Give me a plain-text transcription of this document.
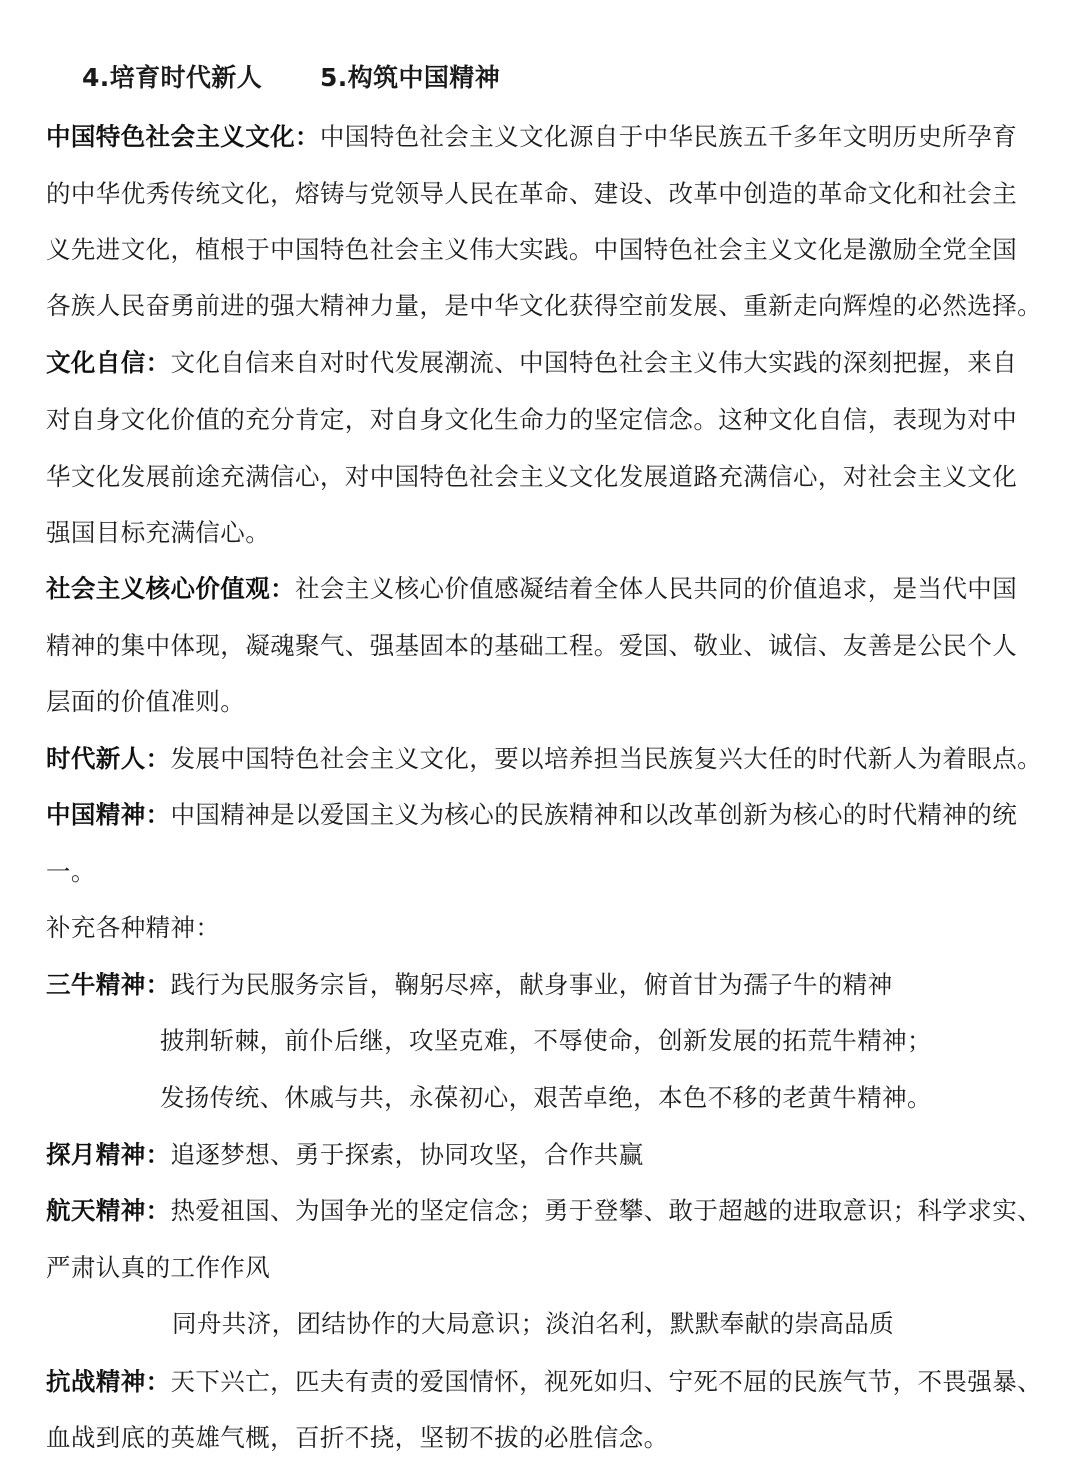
4.培育时代新人 5.构筑中国精神
中国特色社会主义文化：中国特色社会主义文化源自于中华民族五千多年文明历史所孕育
的中华优秀传统文化，熔铸与党领导人民在革命、建设、改革中创造的革命文化和社会主
义先进文化，植根于中国特色社会主义伟大实践。中国特色社会主义文化是激励全党全国
各族人民奋勇前进的强大精神力量，是中华文化获得空前发展、重新走向辉煌的必然选择。
文化自信：文化自信来自对时代发展潮流、中国特色社会主义伟大实践的深刻把握，来自
对自身文化价值的充分肯定，对自身文化生命力的坚定信念。这种文化自信，表现为对中
华文化发展前途充满信心，对中国特色社会主义文化发展道路充满信心，对社会主义文化
强国目标充满信心。
社会主义核心价值观：社会主义核心价值感凝结着全体人民共同的价值追求，是当代中国
精神的集中体现，凝魂聚气、强基固本的基础工程。爱国、敬业、诚信、友善是公民个人
层面的价值准则。
时代新人：发展中国特色社会主义文化，要以培养担当民族复兴大任的时代新人为着眼点。
中国精神：中国精神是以爱国主义为核心的民族精神和以改革创新为核心的时代精神的统
一。
补充各种精神：
三牛精神：践行为民服务宗旨，鞠躬尽瘁，献身事业，俯首甘为孺子牛的精神
披荆斩棘，前仆后继，攻坚克难，不辱使命，创新发展的拓荒牛精神；
发扬传统、休戚与共，永葆初心，艰苦卓绝，本色不移的老黄牛精神。
探月精神：追逐梦想、勇于探索，协同攻坚，合作共赢
航天精神：热爱祖国、为国争光的坚定信念；勇于登攀、敢于超越的进取意识；科学求实、
严肃认真的工作作风
同舟共济，团结协作的大局意识；淡泊名利，默默奉献的崇高品质
抗战精神：天下兴亡，匹夫有责的爱国情怀，视死如归、宁死不屈的民族气节，不畏强暴、
血战到底的英雄气概，百折不挠，坚韧不拔的必胜信念。
